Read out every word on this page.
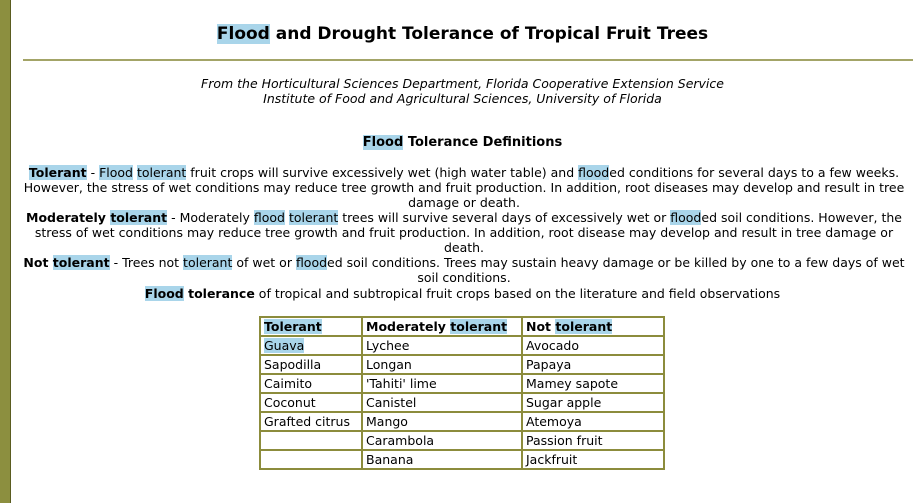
Flood and Drought Tolerance of Tropical Fruit Trees
From the Horticultural Sciences Department, Florida Cooperative Extension Service
Institute of Food and Agricultural Sciences, University of Florida
Flood Tolerance Definitions

Tolerant - Flood tolerant fruit crops will survive excessively wet (high water table) and flooded conditions for several days to a few weeks. However, the stress of wet conditions may reduce tree growth and fruit production. In addition, root diseases may develop and result in tree damage or death.

Moderately tolerant - Moderately flood tolerant trees will survive several days of excessively wet or flooded soil conditions. However, the stress of wet conditions may reduce tree growth and fruit production. In addition, root disease may develop and result in tree damage or death.

Not tolerant - Trees not tolerant of wet or flooded soil conditions. Trees may sustain heavy damage or be killed by one to a few days of wet soil conditions.

Flood tolerance of tropical and subtropical fruit crops based on the literature and field observations
Tolerant	Moderately tolerant	Not tolerant
Guava	Lychee	Avocado
Sapodilla	Longan	Papaya
Caimito	'Tahiti' lime	Mamey sapote
Coconut	Canistel	Sugar apple
Grafted citrus	Mango	Atemoya
	Carambola	Passion fruit
	Banana	Jackfruit
